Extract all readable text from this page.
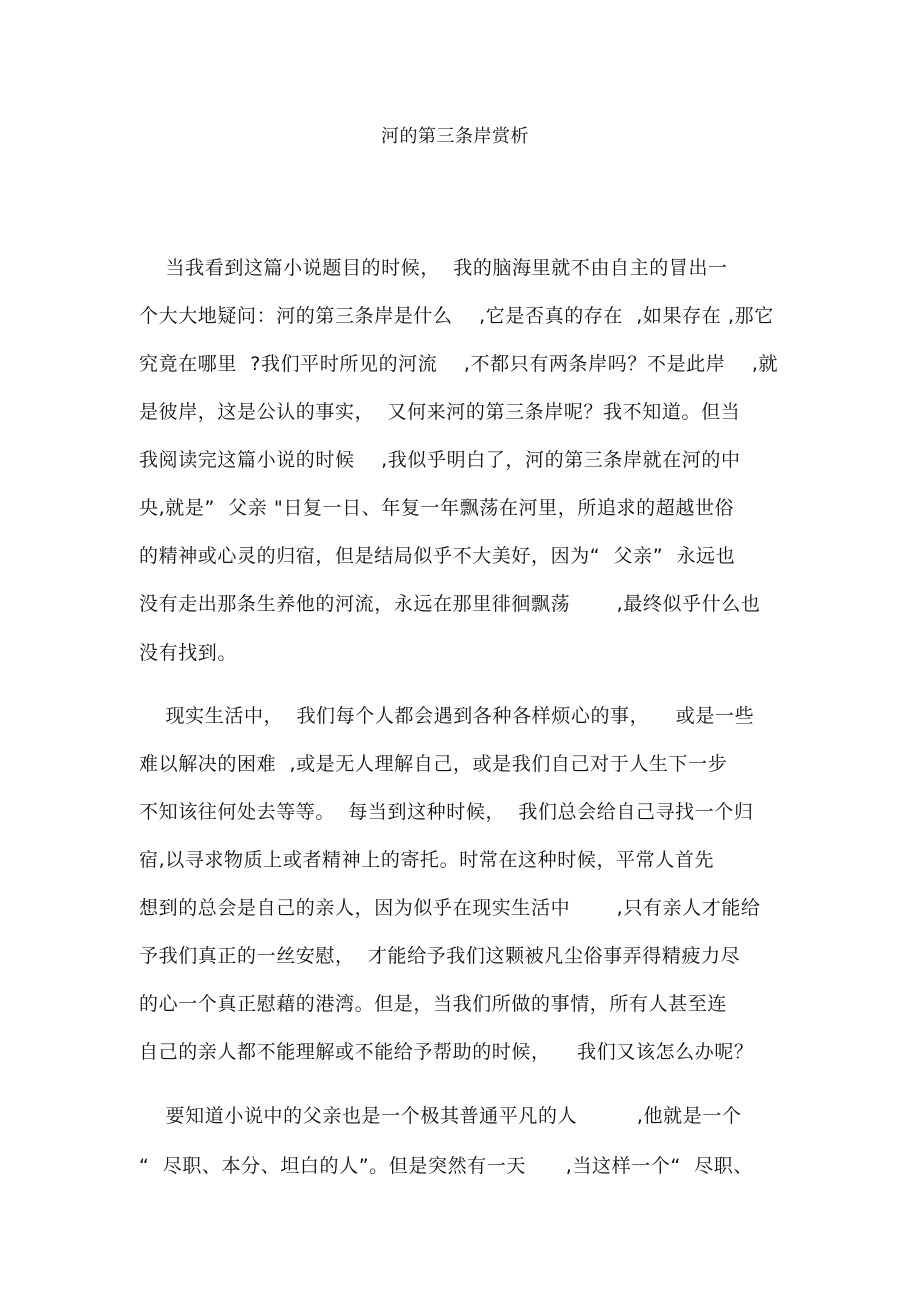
河的第三条岸赏析
当我看到这篇小说题目的时候，  我的脑海里就不由自主的冒出一
个大大地疑问：河的第三条岸是什么    ,它是否真的存在  ,如果存在 ,那它
究竟在哪里  ?我们平时所见的河流    ,不都只有两条岸吗？不是此岸    ,就
是彼岸，这是公认的事实，  又何来河的第三条岸呢？我不知道。但当
我阅读完这篇小说的时候    ,我似乎明白了，河的第三条岸就在河的中
央,就是”  父亲 "日复一日、年复一年飘荡在河里，所追求的超越世俗
的精神或心灵的归宿，但是结局似乎不大美好，因为“  父亲”  永远也
没有走出那条生养他的河流，永远在那里徘徊飘荡       ,最终似乎什么也
没有找到。
现实生活中，  我们每个人都会遇到各种各样烦心的事，    或是一些
难以解决的困难  ,或是无人理解自己，或是我们自己对于人生下一步
不知该往何处去等等。  每当到这种时候，  我们总会给自己寻找一个归
宿,以寻求物质上或者精神上的寄托。时常在这种时候，平常人首先
想到的总会是自己的亲人，因为似乎在现实生活中       ,只有亲人才能给
予我们真正的一丝安慰，  才能给予我们这颗被凡尘俗事弄得精疲力尽
的心一个真正慰藉的港湾。但是，当我们所做的事情，所有人甚至连
自己的亲人都不能理解或不能给予帮助的时候，    我们又该怎么办呢？
要知道小说中的父亲也是一个极其普通平凡的人         ,他就是一个
“  尽职、本分、坦白的人”。但是突然有一天      ,当这样一个“  尽职、
